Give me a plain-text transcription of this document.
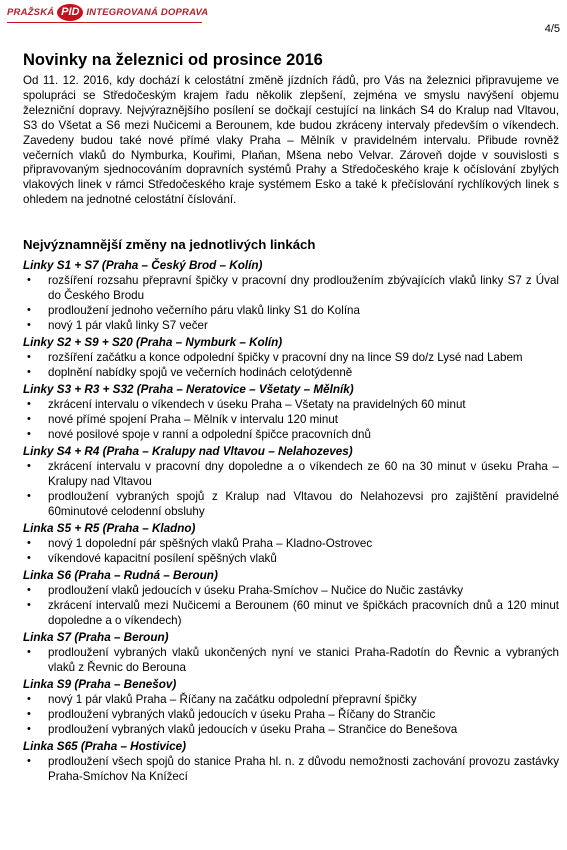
PRAŽSKÁ PID INTEGROVANÁ DOPRAVA
4/5
Novinky na železnici od prosince 2016

Od 11. 12. 2016, kdy dochází k celostátní změně jízdních řádů, pro Vás na železnici připravujeme ve spolupráci se Středočeským krajem řadu několik zlepšení, zejména ve smyslu navýšení objemu železniční dopravy. Nejvýraznějšího posílení se dočkají cestující na linkách S4 do Kralup nad Vltavou, S3 do Všetat a S6 mezi Nučicemi a Berounem, kde budou zkráceny intervaly především o víkendech. Zavedeny budou také nové přímé vlaky Praha – Mělník v pravidelném intervalu. Přibude rovněž večerních vlaků do Nymburka, Kouřimi, Plaňan, Mšena nebo Velvar. Zároveň dojde v souvislosti s připravovaným sjednocováním dopravních systémů Prahy a Středočeského kraje k očíslování zbylých vlakových linek v rámci Středočeského kraje systémem Esko a také k přečíslování rychlíkových linek s ohledem na jednotné celostátní číslování.

Nejvýznamnější změny na jednotlivých linkách
Linky S1 + S7 (Praha – Český Brod – Kolín)
• rozšíření rozsahu přepravní špičky v pracovní dny prodloužením zbývajících vlaků linky S7 z Úval do Českého Brodu
• prodloužení jednoho večerního páru vlaků linky S1 do Kolína
• nový 1 pár vlaků linky S7 večer
Linky S2 + S9 + S20 (Praha – Nymburk – Kolín)
• rozšíření začátku a konce odpolední špičky v pracovní dny na lince S9 do/z Lysé nad Labem
• doplnění nabídky spojů ve večerních hodinách celotýdenně
Linky S3 + R3 + S32 (Praha – Neratovice – Všetaty – Mělník)
• zkrácení intervalu o víkendech v úseku Praha – Všetaty na pravidelných 60 minut
• nové přímé spojení Praha – Mělník v intervalu 120 minut
• nové posilové spoje v ranní a odpolední špičce pracovních dnů
Linky S4 + R4 (Praha – Kralupy nad Vltavou – Nelahozeves)
• zkrácení intervalu v pracovní dny dopoledne a o víkendech ze 60 na 30 minut v úseku Praha – Kralupy nad Vltavou
• prodloužení vybraných spojů z Kralup nad Vltavou do Nelahozevsi pro zajištění pravidelné 60minutové celodenní obsluhy
Linka S5 + R5 (Praha – Kladno)
• nový 1 dopolední pár spěšných vlaků Praha – Kladno-Ostrovec
• víkendové kapacitní posílení spěšných vlaků
Linka S6 (Praha – Rudná – Beroun)
• prodloužení vlaků jedoucích v úseku Praha-Smíchov – Nučice do Nučic zastávky
• zkrácení intervalů mezi Nučicemi a Berounem (60 minut ve špičkách pracovních dnů a 120 minut dopoledne a o víkendech)
Linka S7 (Praha – Beroun)
• prodloužení vybraných vlaků ukončených nyní ve stanici Praha-Radotín do Řevnic a vybraných vlaků z Řevnic do Berouna
Linka S9 (Praha – Benešov)
• nový 1 pár vlaků Praha – Říčany na začátku odpolední přepravní špičky
• prodloužení vybraných vlaků jedoucích v úseku Praha – Říčany do Strančic
• prodloužení vybraných vlaků jedoucích v úseku Praha – Strančice do Benešova
Linka S65 (Praha – Hostivice)
• prodloužení všech spojů do stanice Praha hl. n. z důvodu nemožnosti zachování provozu zastávky Praha-Smíchov Na Knížecí
